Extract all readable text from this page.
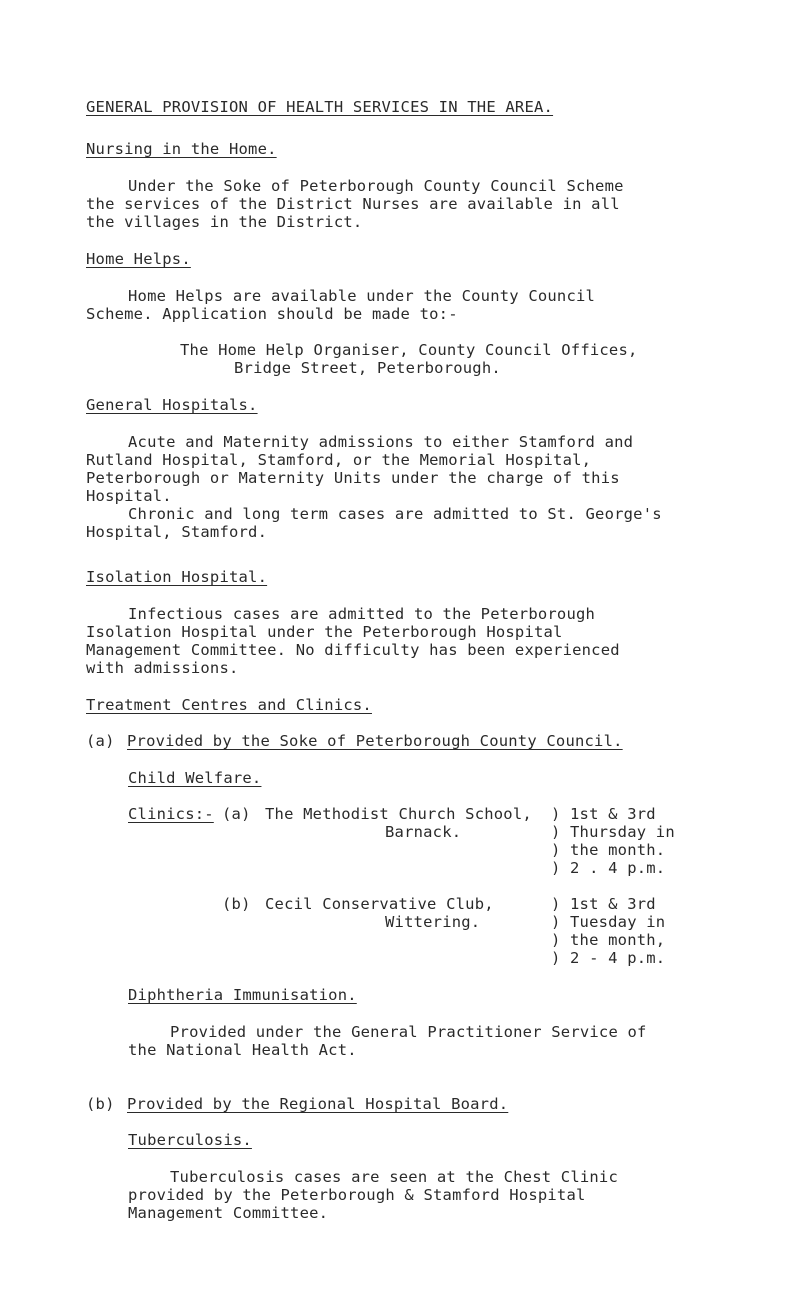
GENERAL PROVISION OF HEALTH SERVICES IN THE AREA.
Nursing in the Home.
Under the Soke of Peterborough County Council Scheme
the services of the District Nurses are available in all
the villages in the District.
Home Helps.
Home Helps are available under the County Council
Scheme. Application should be made to:-
The Home Help Organiser, County Council Offices,
Bridge Street, Peterborough.
General Hospitals.
Acute and Maternity admissions to either Stamford and
Rutland Hospital, Stamford, or the Memorial Hospital,
Peterborough or Maternity Units under the charge of this
Hospital.
Chronic and long term cases are admitted to St. George's
Hospital, Stamford.
Isolation Hospital.
Infectious cases are admitted to the Peterborough
Isolation Hospital under the Peterborough Hospital
Management Committee. No difficulty has been experienced
with admissions.
Treatment Centres and Clinics.
(a) Provided by the Soke of Peterborough County Council.
Child Welfare.
Clinics:- (a) The Methodist Church School,
Barnack.
)
)
)
)
1st & 3rd
Thursday in
the month.
2 . 4 p.m.
(b) Cecil Conservative Club,
Wittering.
)
)
)
)
1st & 3rd
Tuesday in
the month,
2 - 4 p.m.
Diphtheria Immunisation.
Provided under the General Practitioner Service of
the National Health Act.
(b) Provided by the Regional Hospital Board.
Tuberculosis.
Tuberculosis cases are seen at the Chest Clinic
provided by the Peterborough & Stamford Hospital
Management Committee.
